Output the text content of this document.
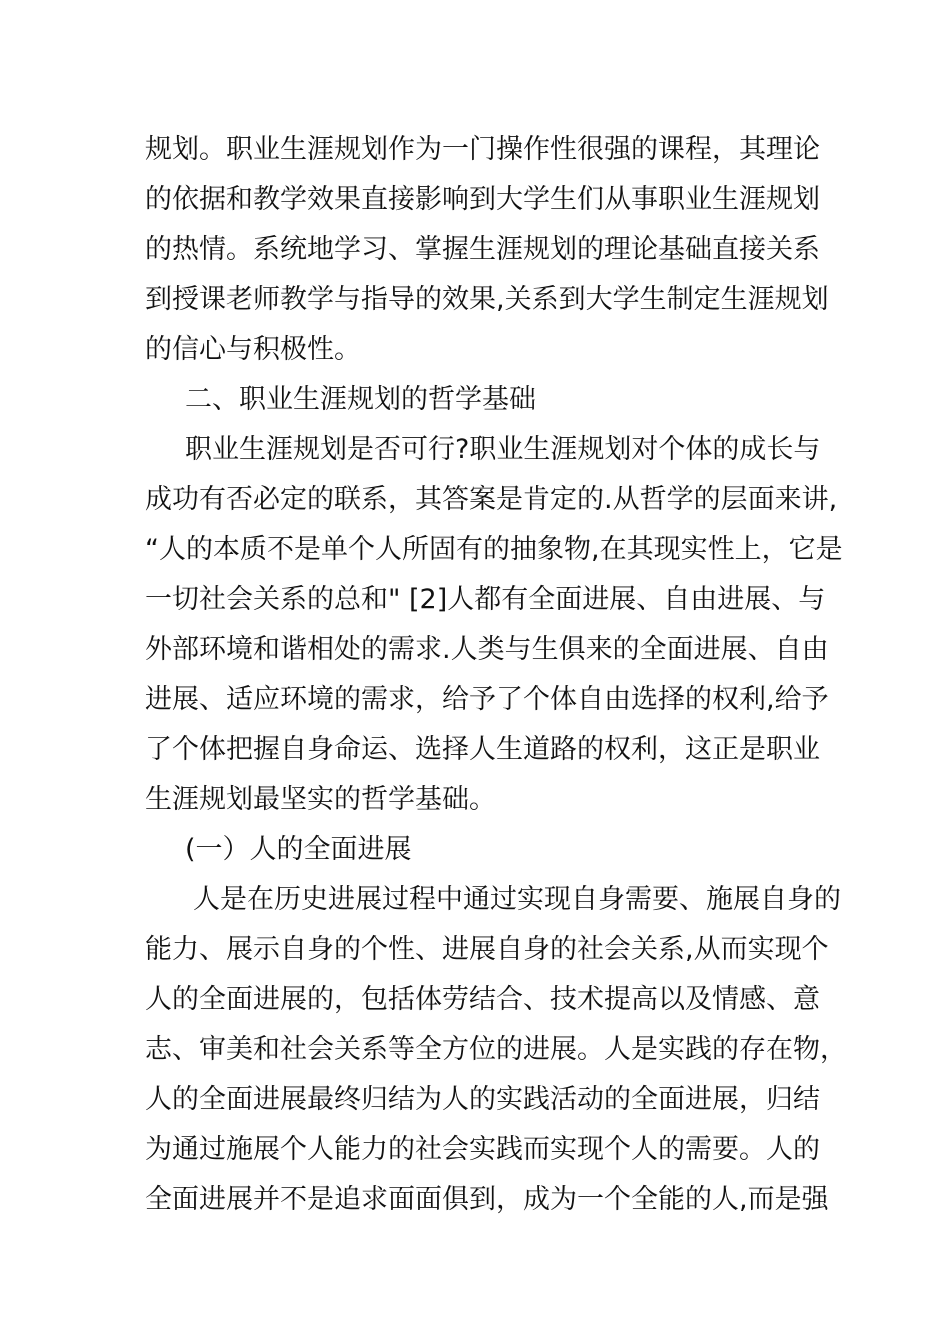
规划。职业生涯规划作为一门操作性很强的课程，其理论
的依据和教学效果直接影响到大学生们从事职业生涯规划
的热情。系统地学习、掌握生涯规划的理论基础直接关系
到授课老师教学与指导的效果,关系到大学生制定生涯规划
的信心与积极性。
二、职业生涯规划的哲学基础
职业生涯规划是否可行?职业生涯规划对个体的成长与
成功有否必定的联系，其答案是肯定的.从哲学的层面来讲,
“人的本质不是单个人所固有的抽象物,在其现实性上，它是
一切社会关系的总和" [2]人都有全面进展、自由进展、与
外部环境和谐相处的需求.人类与生俱来的全面进展、自由
进展、适应环境的需求，给予了个体自由选择的权利,给予
了个体把握自身命运、选择人生道路的权利，这正是职业
生涯规划最坚实的哲学基础。
(一）人的全面进展
人是在历史进展过程中通过实现自身需要、施展自身的
能力、展示自身的个性、进展自身的社会关系,从而实现个
人的全面进展的，包括体劳结合、技术提高以及情感、意
志、审美和社会关系等全方位的进展。人是实践的存在物，
人的全面进展最终归结为人的实践活动的全面进展，归结
为通过施展个人能力的社会实践而实现个人的需要。人的
全面进展并不是追求面面俱到，成为一个全能的人,而是强
